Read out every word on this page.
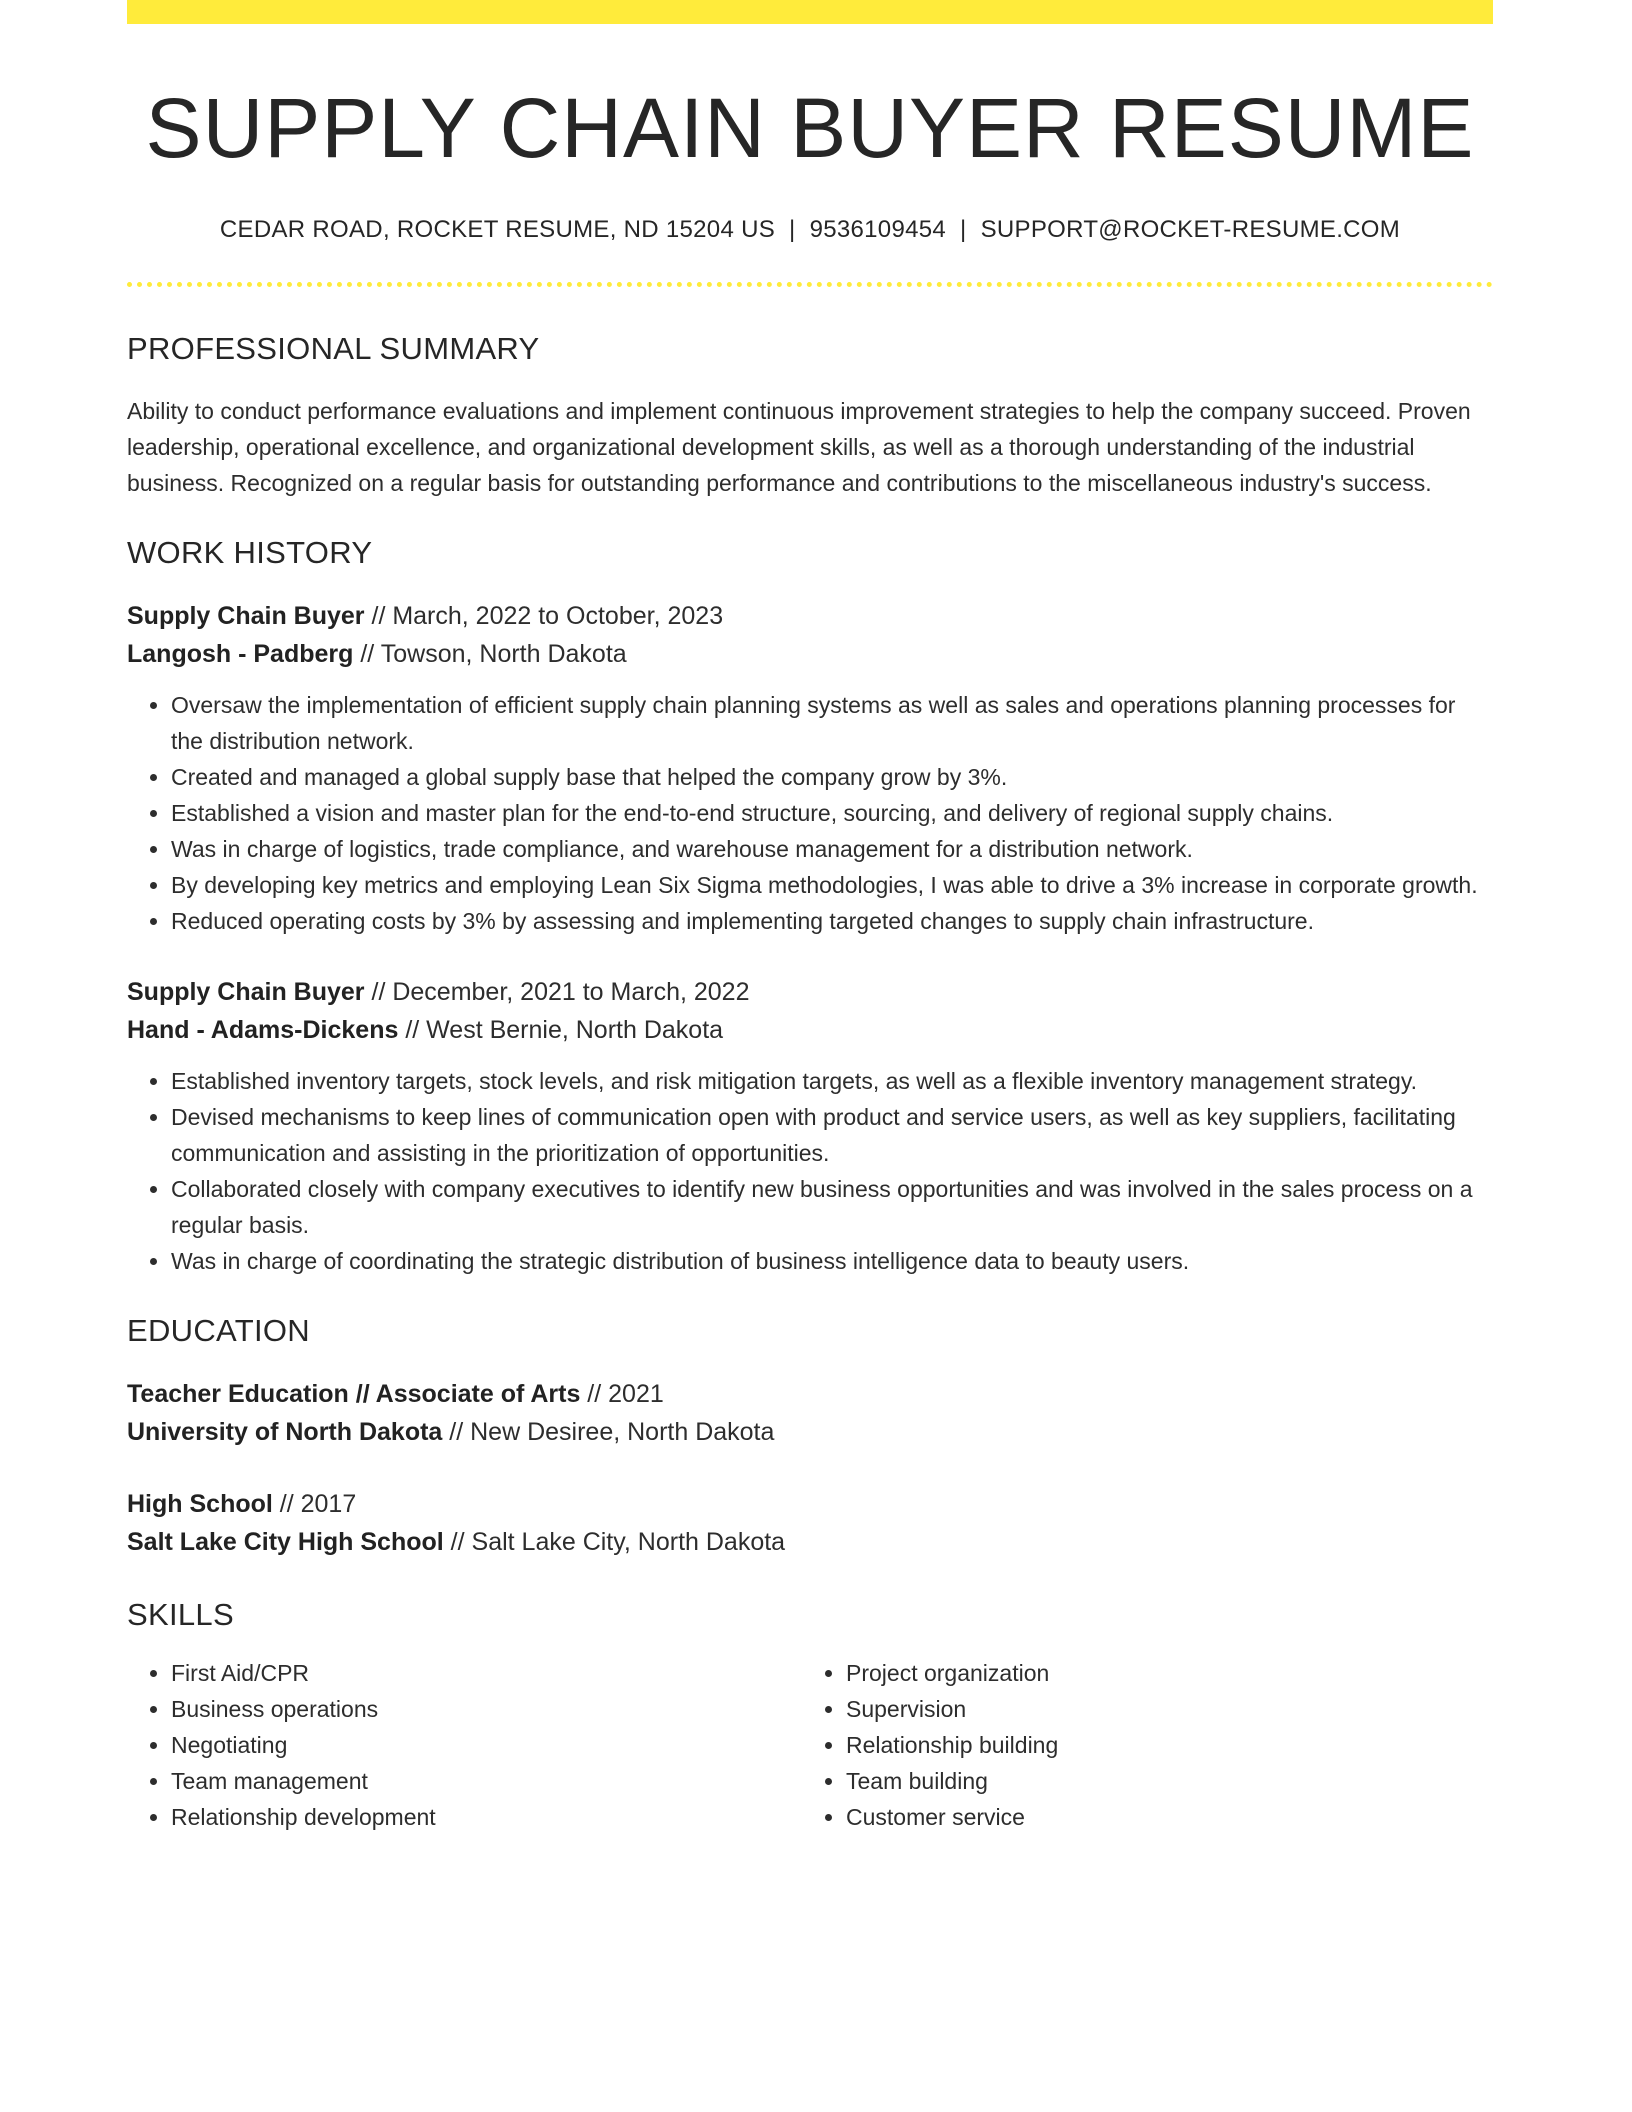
SUPPLY CHAIN BUYER RESUME
CEDAR ROAD, ROCKET RESUME, ND 15204 US | 9536109454 | SUPPORT@ROCKET-RESUME.COM
PROFESSIONAL SUMMARY
Ability to conduct performance evaluations and implement continuous improvement strategies to help the company succeed. Proven leadership, operational excellence, and organizational development skills, as well as a thorough understanding of the industrial business. Recognized on a regular basis for outstanding performance and contributions to the miscellaneous industry's success.
WORK HISTORY
Supply Chain Buyer // March, 2022 to October, 2023
Langosh - Padberg // Towson, North Dakota
• Oversaw the implementation of efficient supply chain planning systems as well as sales and operations planning processes for the distribution network.
• Created and managed a global supply base that helped the company grow by 3%.
• Established a vision and master plan for the end-to-end structure, sourcing, and delivery of regional supply chains.
• Was in charge of logistics, trade compliance, and warehouse management for a distribution network.
• By developing key metrics and employing Lean Six Sigma methodologies, I was able to drive a 3% increase in corporate growth.
• Reduced operating costs by 3% by assessing and implementing targeted changes to supply chain infrastructure.
Supply Chain Buyer // December, 2021 to March, 2022
Hand - Adams-Dickens // West Bernie, North Dakota
• Established inventory targets, stock levels, and risk mitigation targets, as well as a flexible inventory management strategy.
• Devised mechanisms to keep lines of communication open with product and service users, as well as key suppliers, facilitating communication and assisting in the prioritization of opportunities.
• Collaborated closely with company executives to identify new business opportunities and was involved in the sales process on a regular basis.
• Was in charge of coordinating the strategic distribution of business intelligence data to beauty users.
EDUCATION
Teacher Education // Associate of Arts // 2021
University of North Dakota // New Desiree, North Dakota
High School // 2017
Salt Lake City High School // Salt Lake City, North Dakota
SKILLS
• First Aid/CPR
• Business operations
• Negotiating
• Team management
• Relationship development
• Project organization
• Supervision
• Relationship building
• Team building
• Customer service
